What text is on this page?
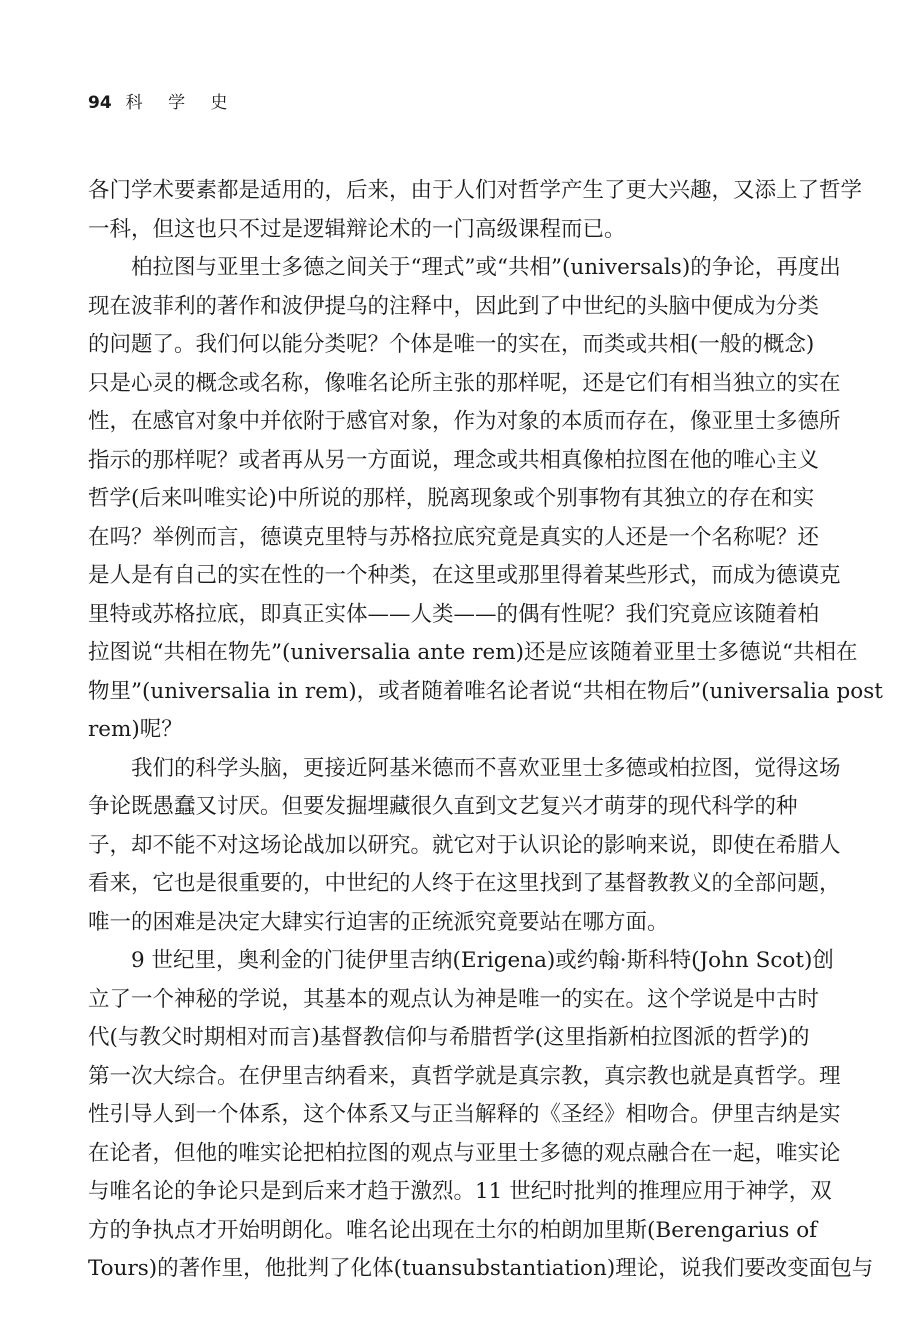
94 科 学 史

各门学术要素都是适用的，后来，由于人们对哲学产生了更大兴趣，又添上了哲学
一科，但这也只不过是逻辑辩论术的一门高级课程而已。

柏拉图与亚里士多德之间关于“理式”或“共相”(universals)的争论，再度出
现在波菲利的著作和波伊提乌的注释中，因此到了中世纪的头脑中便成为分类
的问题了。我们何以能分类呢？个体是唯一的实在，而类或共相(一般的概念)
只是心灵的概念或名称，像唯名论所主张的那样呢，还是它们有相当独立的实在
性，在感官对象中并依附于感官对象，作为对象的本质而存在，像亚里士多德所
指示的那样呢？或者再从另一方面说，理念或共相真像柏拉图在他的唯心主义
哲学(后来叫唯实论)中所说的那样，脱离现象或个别事物有其独立的存在和实
在吗？举例而言，德谟克里特与苏格拉底究竟是真实的人还是一个名称呢？还
是人是有自己的实在性的一个种类，在这里或那里得着某些形式，而成为德谟克
里特或苏格拉底，即真正实体——人类——的偶有性呢？我们究竟应该随着柏
拉图说“共相在物先”(universalia ante rem)还是应该随着亚里士多德说“共相在
物里”(universalia in rem)，或者随着唯名论者说“共相在物后”(universalia post
rem)呢？

我们的科学头脑，更接近阿基米德而不喜欢亚里士多德或柏拉图，觉得这场
争论既愚蠢又讨厌。但要发掘埋藏很久直到文艺复兴才萌芽的现代科学的种
子，却不能不对这场论战加以研究。就它对于认识论的影响来说，即使在希腊人
看来，它也是很重要的，中世纪的人终于在这里找到了基督教教义的全部问题，
唯一的困难是决定大肆实行迫害的正统派究竟要站在哪方面。

9 世纪里，奥利金的门徒伊里吉纳(Erigena)或约翰·斯科特(John Scot)创
立了一个神秘的学说，其基本的观点认为神是唯一的实在。这个学说是中古时
代(与教父时期相对而言)基督教信仰与希腊哲学(这里指新柏拉图派的哲学)的
第一次大综合。在伊里吉纳看来，真哲学就是真宗教，真宗教也就是真哲学。理
性引导人到一个体系，这个体系又与正当解释的《圣经》相吻合。伊里吉纳是实
在论者，但他的唯实论把柏拉图的观点与亚里士多德的观点融合在一起，唯实论
与唯名论的争论只是到后来才趋于激烈。11 世纪时批判的推理应用于神学，双
方的争执点才开始明朗化。唯名论出现在土尔的柏朗加里斯(Berengarius of
Tours)的著作里，他批判了化体(tuansubstantiation)理论，说我们要改变面包与
